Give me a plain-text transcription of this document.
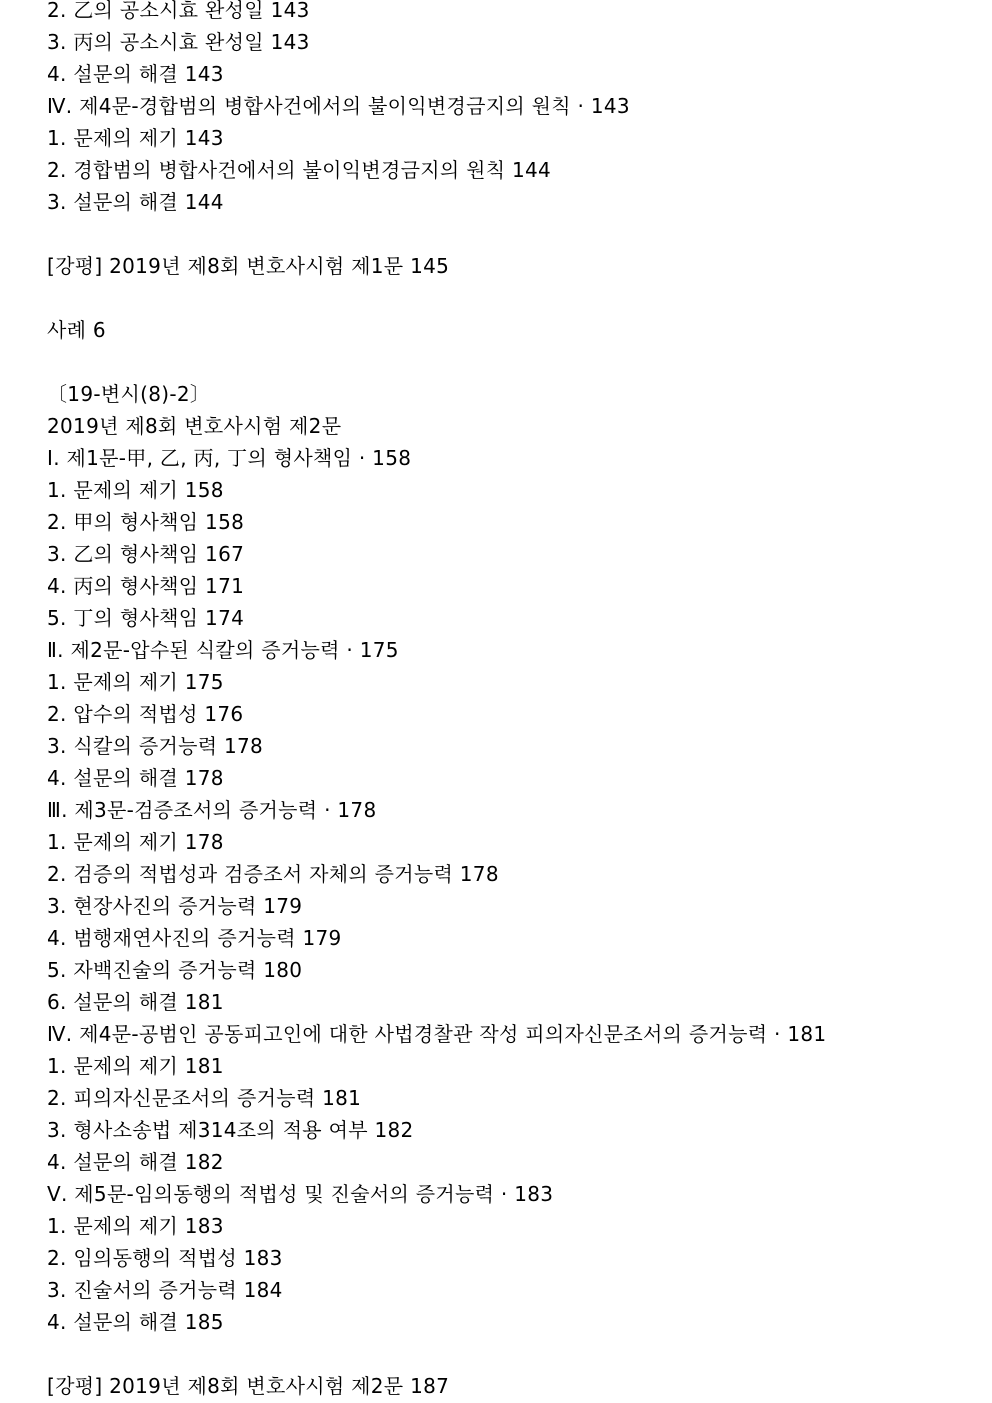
2. 乙의 공소시효 완성일 143
3. 丙의 공소시효 완성일 143
4. 설문의 해결 143
Ⅳ. 제4문-경합범의 병합사건에서의 불이익변경금지의 원칙 ‧ 143
1. 문제의 제기 143
2. 경합범의 병합사건에서의 불이익변경금지의 원칙 144
3. 설문의 해결 144
[강평] 2019년 제8회 변호사시험 제1문 145
사례 6
〔19-변시(8)-2〕
2019년 제8회 변호사시험 제2문
Ⅰ. 제1문-甲, 乙, 丙, 丁의 형사책임 ‧ 158
1. 문제의 제기 158
2. 甲의 형사책임 158
3. 乙의 형사책임 167
4. 丙의 형사책임 171
5. 丁의 형사책임 174
Ⅱ. 제2문-압수된 식칼의 증거능력 ‧ 175
1. 문제의 제기 175
2. 압수의 적법성 176
3. 식칼의 증거능력 178
4. 설문의 해결 178
Ⅲ. 제3문-검증조서의 증거능력 ‧ 178
1. 문제의 제기 178
2. 검증의 적법성과 검증조서 자체의 증거능력 178
3. 현장사진의 증거능력 179
4. 범행재연사진의 증거능력 179
5. 자백진술의 증거능력 180
6. 설문의 해결 181
Ⅳ. 제4문-공범인 공동피고인에 대한 사법경찰관 작성 피의자신문조서의 증거능력 ‧ 181
1. 문제의 제기 181
2. 피의자신문조서의 증거능력 181
3. 형사소송법 제314조의 적용 여부 182
4. 설문의 해결 182
Ⅴ. 제5문-임의동행의 적법성 및 진술서의 증거능력 ‧ 183
1. 문제의 제기 183
2. 임의동행의 적법성 183
3. 진술서의 증거능력 184
4. 설문의 해결 185
[강평] 2019년 제8회 변호사시험 제2문 187
